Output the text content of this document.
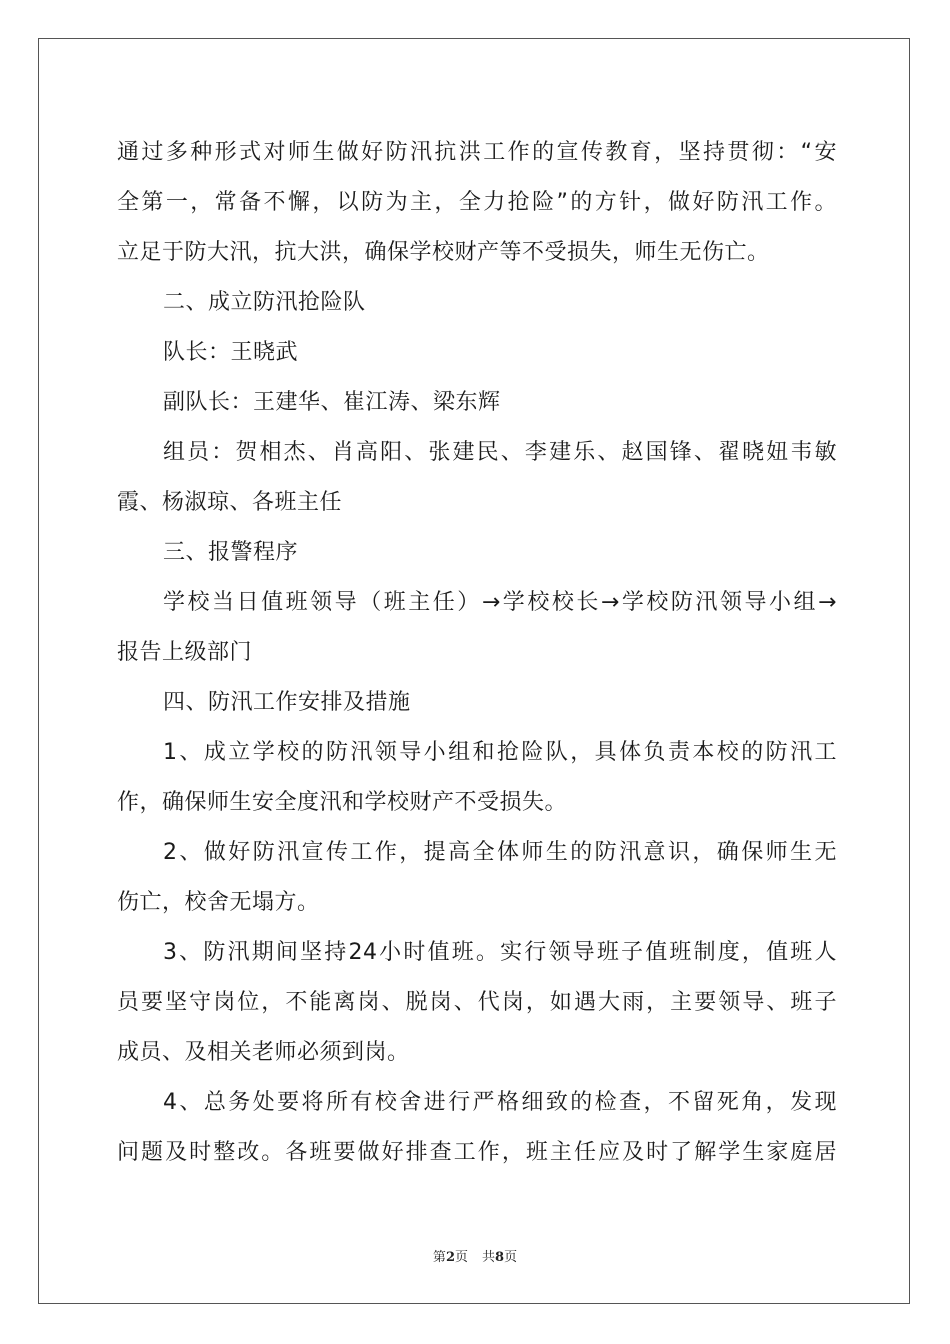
通过多种形式对师生做好防汛抗洪工作的宣传教育，坚持贯彻：“安
全第一，常备不懈，以防为主，全力抢险”的方针，做好防汛工作。
立足于防大汛，抗大洪，确保学校财产等不受损失，师生无伤亡。
二、成立防汛抢险队
队长：王晓武
副队长：王建华、崔江涛、梁东辉
组员：贺相杰、肖高阳、张建民、李建乐、赵国锋、翟晓妞韦敏
霞、杨淑琼、各班主任
三、报警程序
学校当日值班领导（班主任）→学校校长→学校防汛领导小组→
报告上级部门
四、防汛工作安排及措施
1、成立学校的防汛领导小组和抢险队，具体负责本校的防汛工
作，确保师生安全度汛和学校财产不受损失。
2、做好防汛宣传工作，提高全体师生的防汛意识，确保师生无
伤亡，校舍无塌方。
3、防汛期间坚持24小时值班。实行领导班子值班制度，值班人
员要坚守岗位，不能离岗、脱岗、代岗，如遇大雨，主要领导、班子
成员、及相关老师必须到岗。
4、总务处要将所有校舍进行严格细致的检查，不留死角，发现
问题及时整改。各班要做好排查工作，班主任应及时了解学生家庭居
第2页 共8页
